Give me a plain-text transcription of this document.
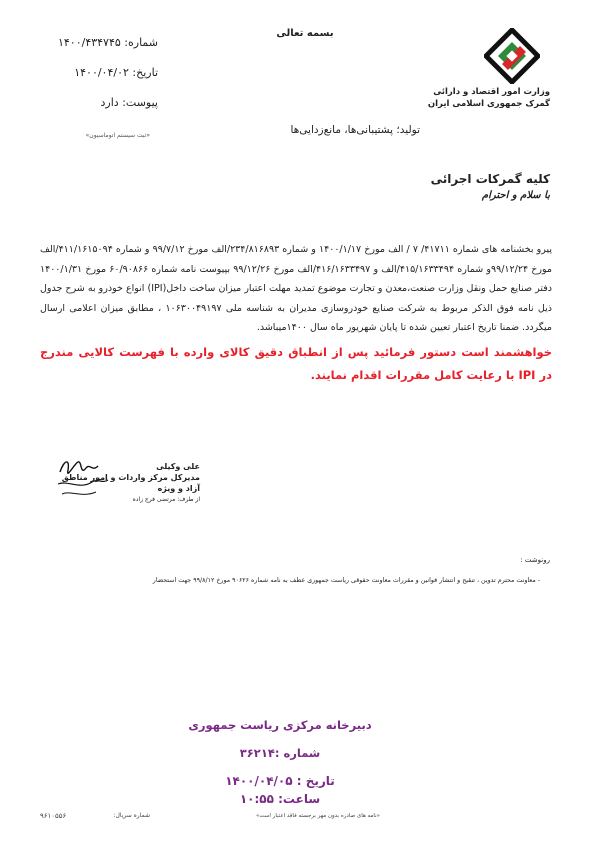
بسمه تعالی
شماره: ۱۴۰۰/۴۳۴۷۴۵
تاریخ: ۱۴۰۰/۰۴/۰۲
پیوست: دارد
«ثبت سیستم اتوماسیون»
وزارت امور اقتصاد و دارائی
گمرک جمهوری اسلامی ایران
تولید؛ پشتیبانی‌ها، مانع‌زدایی‌ها
کلیه گمرکات اجرائی
با سلام و احترام
پیرو بخشنامه های شماره ۴۱۷۱۱/ ۷ / الف مورخ ۱۴۰۰/۱/۱۷ و شماره ۲۳۴/۸۱۶۸۹۳/الف مورخ ۹۹/۷/۱۲ و شماره ۴۱۱/۱۶۱۵۰۹۴/الف مورخ ۹۹/۱۲/۲۴و شماره ۴۱۵/۱۶۳۳۴۹۴/الف و ۴۱۶/۱۶۳۳۴۹۷/الف مورخ ۹۹/۱۲/۲۶ بپیوست نامه شماره ۶۰/۹۰۸۶۶ مورخ ۱۴۰۰/۱/۳۱ دفتر صنایع حمل ونقل وزارت صنعت،معدن و تجارت موضوع تمدید مهلت اعتبار میزان ساخت داخل(IPI) انواع خودرو به شرح جدول ذیل نامه فوق الذکر مربوط به شرکت صنایع خودروسازی مدیران به شناسه ملی ۱۰۶۳۰۰۴۹۱۹۷ ، مطابق میزان اعلامی ارسال میگردد. ضمنا تاریخ اعتبار تعیین شده تا پایان شهریور ماه سال ۱۴۰۰میباشد.
خواهشمند است دستور فرمائید پس از انطباق دقیق کالای وارده با فهرست کالایی مندرج در IPI با رعایت کامل مقررات اقدام نمایند.
علی وکیلی
مدیرکل مرکز واردات و امور مناطق آزاد و ویژه
از طرف: مرتضی فرج زاده
رونوشت :
- معاونت محترم تدوین ، تنقیح و انتشار قوانین و مقررات معاونت حقوقی ریاست جمهوری عطف به نامه شماره ۹۰۶۲۶ مورخ ۹۹/۸/۱۲ جهت استحضار
دبیرخانه مرکزی ریاست جمهوری
شماره :۳۶۲۱۴
تاریخ : ۱۴۰۰/۰۴/۰۵
ساعت: ۱۰:۵۵
«نامه های صادره بدون مهر برجسته فاقد اعتبار است»
شماره سریال:
۹۶۱۰۵۵۶
